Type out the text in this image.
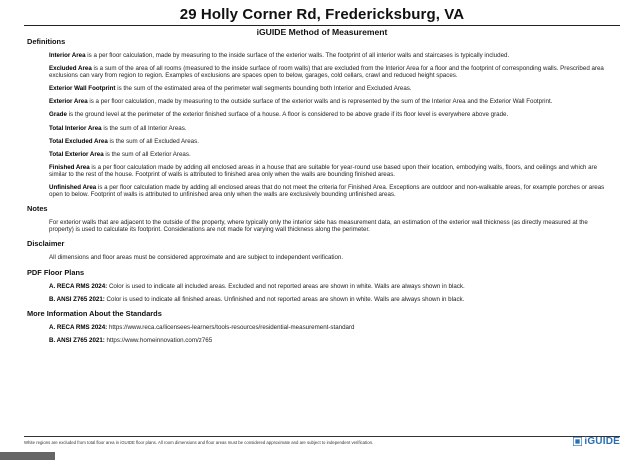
29 Holly Corner Rd, Fredericksburg, VA
iGUIDE Method of Measurement
Definitions
Interior Area is a per floor calculation, made by measuring to the inside surface of the exterior walls. The footprint of all interior walls and staircases is typically included.
Excluded Area is a sum of the area of all rooms (measured to the inside surface of room walls) that are excluded from the Interior Area for a floor and the footprint of corresponding walls. Prescribed area exclusions can vary from region to region. Examples of exclusions are spaces open to below, garages, cold cellars, crawl and reduced height spaces.
Exterior Wall Footprint is the sum of the estimated area of the perimeter wall segments bounding both Interior and Excluded Areas.
Exterior Area is a per floor calculation, made by measuring to the outside surface of the exterior walls and is represented by the sum of the Interior Area and the Exterior Wall Footprint.
Grade is the ground level at the perimeter of the exterior finished surface of a house. A floor is considered to be above grade if its floor level is everywhere above grade.
Total Interior Area is the sum of all Interior Areas.
Total Excluded Area is the sum of all Excluded Areas.
Total Exterior Area is the sum of all Exterior Areas.
Finished Area is a per floor calculation made by adding all enclosed areas in a house that are suitable for year-round use based upon their location, embodying walls, floors, and ceilings and which are similar to the rest of the house. Footprint of walls is attributed to finished area only when the walls are bounding finished areas.
Unfinished Area is a per floor calculation made by adding all enclosed areas that do not meet the criteria for Finished Area. Exceptions are outdoor and non-walkable areas, for example porches or areas open to below. Footprint of walls is attributed to unfinished area only when the walls are exclusively bounding unfinished areas.
Notes
For exterior walls that are adjacent to the outside of the property, where typically only the interior side has measurement data, an estimation of the exterior wall thickness (as directly measured at the property) is used to calculate its footprint. Considerations are not made for varying wall thickness along the perimeter.
Disclaimer
All dimensions and floor areas must be considered approximate and are subject to independent verification.
PDF Floor Plans
A. RECA RMS 2024: Color is used to indicate all included areas. Excluded and not reported areas are shown in white. Walls are always shown in black.
B. ANSI Z765 2021: Color is used to indicate all finished areas. Unfinished and not reported areas are shown in white. Walls are always shown in black.
More Information About the Standards
A. RECA RMS 2024: https://www.reca.ca/licensees-learners/tools-resources/residential-measurement-standard
B. ANSI Z765 2021: https://www.homeinnovation.com/z765
White regions are excluded from total floor area in iGUIDE floor plans. All room dimensions and floor areas must be considered approximate and are subject to independent verification.	iGUIDE
